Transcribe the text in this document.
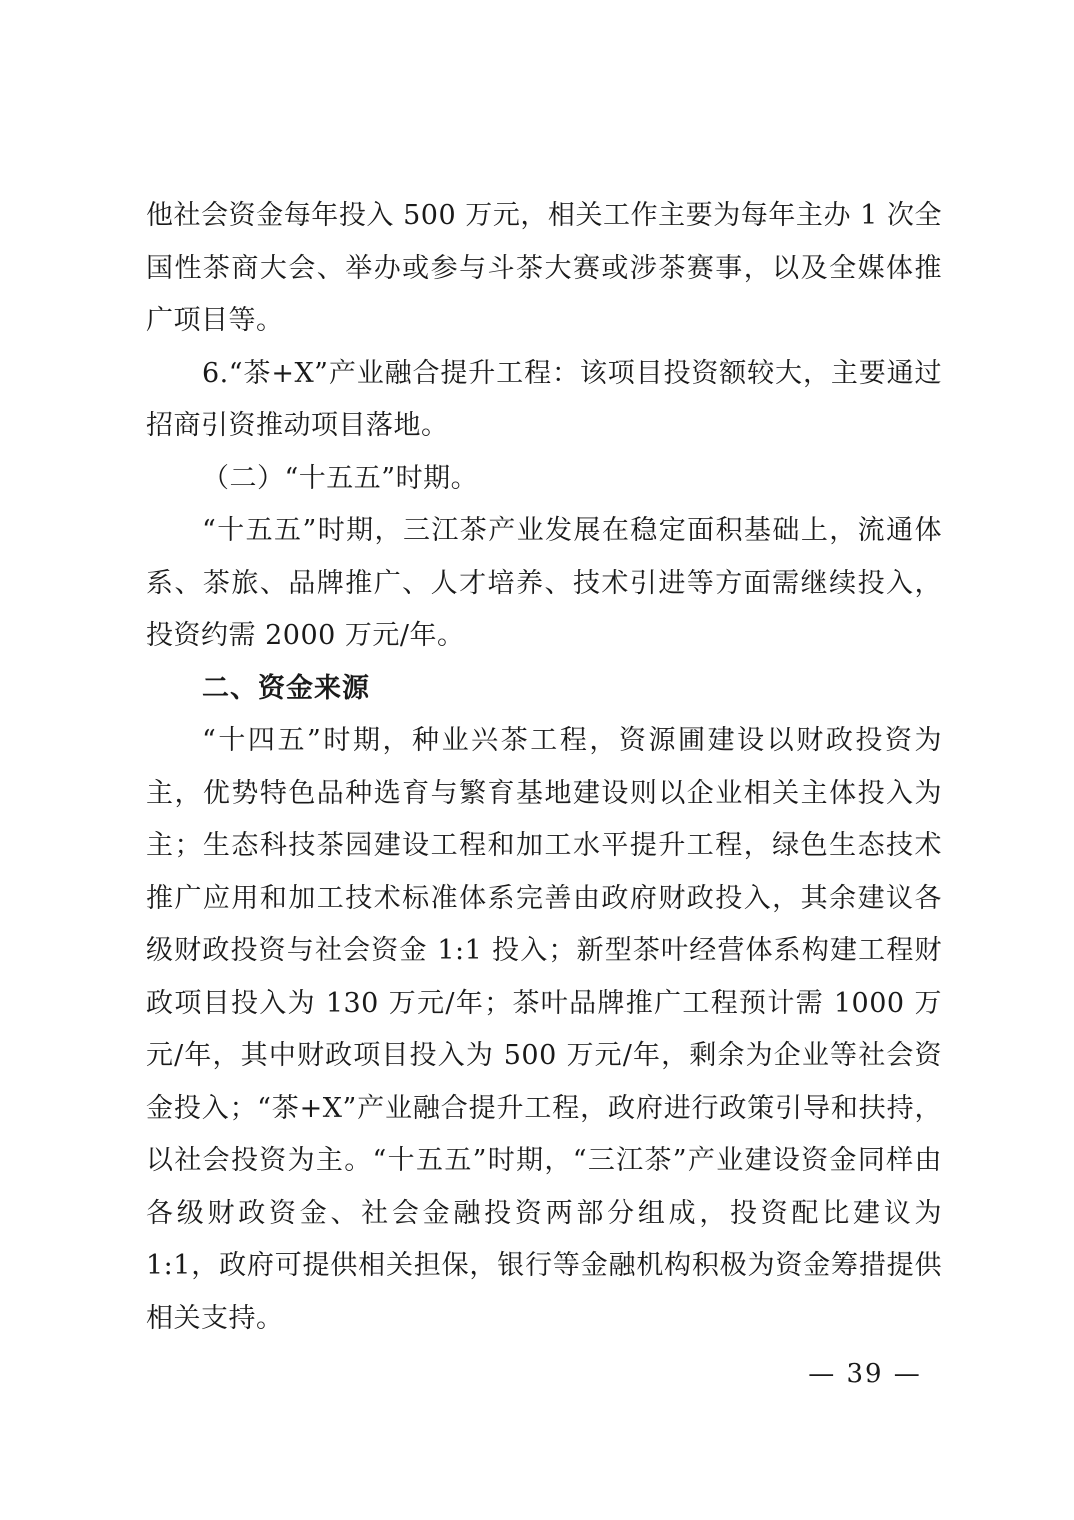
他社会资金每年投入 500 万元，相关工作主要为每年主办 1 次全国性茶商大会、举办或参与斗茶大赛或涉茶赛事，以及全媒体推广项目等。

6.“茶+X”产业融合提升工程：该项目投资额较大，主要通过招商引资推动项目落地。

（二）“十五五”时期。

“十五五”时期，三江茶产业发展在稳定面积基础上，流通体系、茶旅、品牌推广、人才培养、技术引进等方面需继续投入，投资约需 2000 万元/年。

二、资金来源

“十四五”时期，种业兴茶工程，资源圃建设以财政投资为主，优势特色品种选育与繁育基地建设则以企业相关主体投入为主；生态科技茶园建设工程和加工水平提升工程，绿色生态技术推广应用和加工技术标准体系完善由政府财政投入，其余建议各级财政投资与社会资金 1:1 投入；新型茶叶经营体系构建工程财政项目投入为 130 万元/年；茶叶品牌推广工程预计需 1000 万元/年，其中财政项目投入为 500 万元/年，剩余为企业等社会资金投入；“茶+X”产业融合提升工程，政府进行政策引导和扶持，以社会投资为主。“十五五”时期，“三江茶”产业建设资金同样由各级财政资金、社会金融投资两部分组成，投资配比建议为 1:1，政府可提供相关担保，银行等金融机构积极为资金筹措提供相关支持。

— 39 —
